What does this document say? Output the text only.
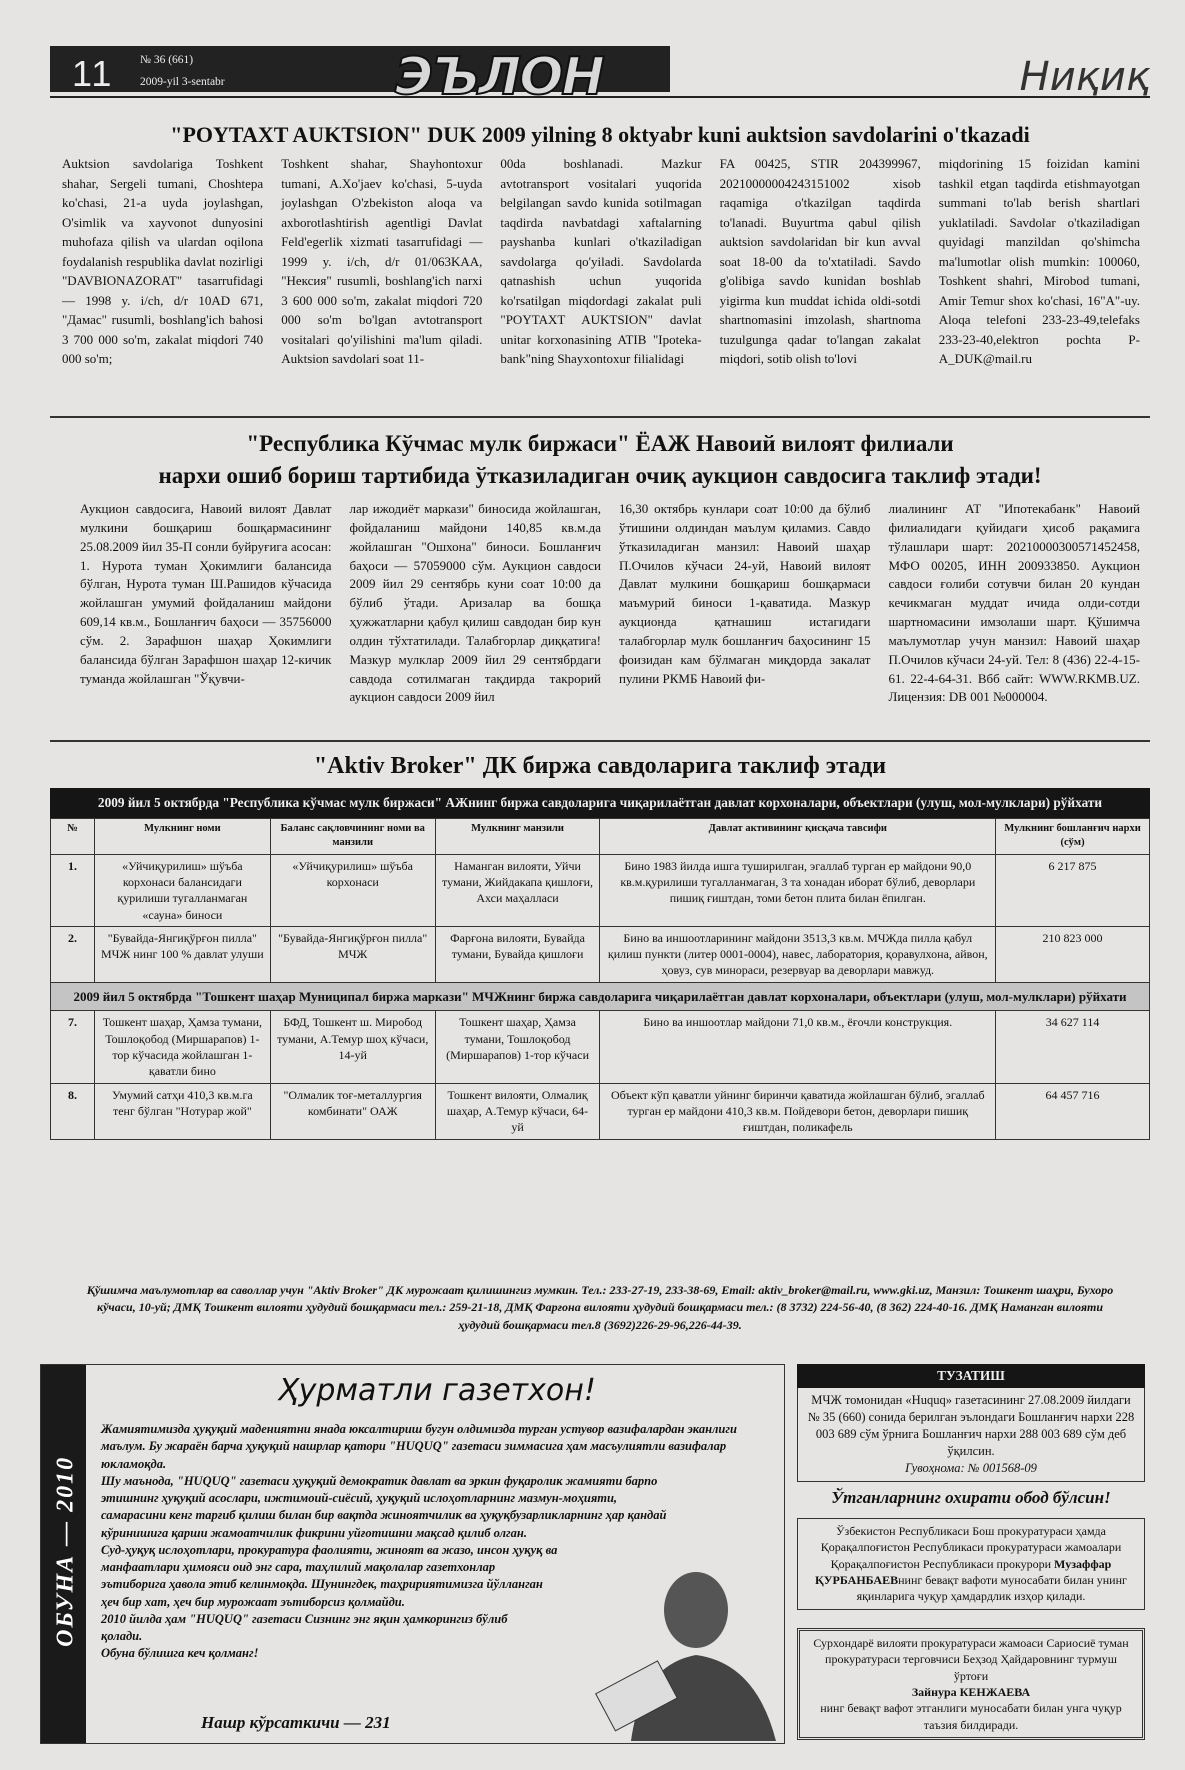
11 № 36 (661)
2009-yil 3-sentabr	ЭЪЛОН	Ниқиқ
"POYTAXT AUKTSION" DUK 2009 yilning 8 oktyabr kuni auktsion savdolarini o'tkazadi

Auktsion savdolariga Toshkent shahar, Sergeli tumani, Choshtepa ko'chasi, 21-a uyda joylashgan, O'simlik va xayvonot dunyosini muhofaza qilish va ulardan oqilona foydalanish respublika davlat nozirligi "DAVBIONAZORAT" tasarrufidagi — 1998 y. i/ch, d/r 10AD 671, "Дамас" rusumli, boshlang'ich bahosi 3 700 000 so'm, zakalat miqdori 740 000 so'm;

Toshkent shahar, Shayhontoxur tumani, A.Xo'jaev ko'chasi, 5-uyda joylashgan O'zbekiston aloqa va axborotlashtirish agentligi Davlat Feld'egerlik xizmati tasarrufidagi — 1999 y. i/ch, d/r 01/063KAA, "Нексия" rusumli, boshlang'ich narxi 3 600 000 so'm, zakalat miqdori 720 000 so'm bo'lgan avtotransport vositalari qo'yilishini ma'lum qiladi. Auktsion savdolari soat 11-

00da boshlanadi. Mazkur avtotransport vositalari yuqorida belgilangan savdo kunida sotilmagan taqdirda navbatdagi xaftalarning payshanba kunlari o'tkaziladigan savdolarga qo'yiladi. Savdolarda qatnashish uchun yuqorida ko'rsatilgan miqdordagi zakalat puli "POYTAXT AUKTSION" davlat unitar korxonasining ATIB "Ipoteka-bank"ning Shayxontoxur filialidagi

FA 00425, STIR 204399967, 20210000004243151002 xisob raqamiga o'tkazilgan taqdirda to'lanadi. Buyurtma qabul qilish auktsion savdolaridan bir kun avval soat 18-00 da to'xtatiladi. Savdo g'olibiga savdo kunidan boshlab yigirma kun muddat ichida oldi-sotdi shartnomasini imzolash, shartnoma tuzulgunga qadar to'langan zakalat miqdori, sotib olish to'lovi

miqdorining 15 foizidan kamini tashkil etgan taqdirda etishmayotgan summani to'lab berish shartlari yuklatiladi. Savdolar o'tkaziladigan quyidagi manzildan qo'shimcha ma'lumotlar olish mumkin: 100060, Toshkent shahri, Mirobod tumani, Amir Temur shox ko'chasi, 16"A"-uy. Aloqa telefoni 233-23-49,telefaks 233-23-40,elektron pochta P-A_DUK@mail.ru

"Республика Кўчмас мулк биржаси" ЁАЖ Навоий вилоят филиали
нархи ошиб бориш тартибида ўтказиладиган очиқ аукцион савдосига таклиф этади!

Аукцион савдосига, Навоий вилоят Давлат мулкини бошқариш бошқармасининг 25.08.2009 йил 35-П сонли буйруғига асосан: 1. Нурота туман Ҳокимлиги балансида бўлган, Нурота туман Ш.Рашидов кўчасида жойлашган умумий фойдаланиш майдони 609,14 кв.м., Бошланғич баҳоси — 35756000 сўм. 2. Зарафшон шаҳар Ҳокимлиги балансида бўлган Зарафшон шаҳар 12-кичик туманда жойлашган "Ўқувчи-

лар ижодиёт маркази" биносида жойлашган, фойдаланиш майдони 140,85 кв.м.да жойлашган "Ошхона" биноси. Бошланғич баҳоси — 57059000 сўм. Аукцион савдоси 2009 йил 29 сентябрь куни соат 10:00 да бўлиб ўтади. Аризалар ва бошқа ҳужжатларни қабул қилиш савдодан бир кун олдин тўхтатилади. Талабгорлар диққатига! Мазкур мулклар 2009 йил 29 сентябрдаги савдода сотилмаган тақдирда такрорий аукцион савдоси 2009 йил

16,30 октябрь кунлари соат 10:00 да бўлиб ўтишини олдиндан маълум қиламиз. Савдо ўтказиладиган манзил: Навоий шаҳар П.Очилов кўчаси 24-уй, Навоий вилоят Давлат мулкини бошқариш бошқармаси маъмурий биноси 1-қаватида. Мазкур аукционда қатнашиш истагидаги талабгорлар мулк бошланғич баҳосининг 15 фоизидан кам бўлмаган миқдорда закалат пулини РКМБ Навоий фи-

лиалининг АТ "Ипотекабанк" Навоий филиалидаги қуйидаги ҳисоб рақамига тўлашлари шарт: 20210000300571452458, МФО 00205, ИНН 200933850. Аукцион савдоси ғолиби сотувчи билан 20 кундан кечикмаган муддат ичида олди-сотди шартномасини имзолаши шарт. Қўшимча маълумотлар учун манзил: Навоий шаҳар П.Очилов кўчаси 24-уй. Тел: 8 (436) 22-4-15-61. 22-4-64-31. Вбб сайт: WWW.RKMB.UZ. Лицензия: DB 001 №000004.

"Aktiv Broker" ДК биржа савдоларига таклиф этади
2009 йил 5 октябрда "Республика кўчмас мулк биржаси" АЖнинг биржа савдоларига чиқарилаётган давлат корхоналари, объектлари (улуш, мол-мулклари) рўйхати
№	Мулкнинг номи	Баланс сақловчининг номи ва манзили	Мулкнинг манзили	Давлат активининг қисқача тавсифи	Мулкнинг бошланғич нархи (сўм)
1.	«Уйчиқурилиш» шўъба корхонаси балансидаги қурилиши тугалланмаган «сауна» биноси	«Уйчиқурилиш» шўъба корхонаси	Наманган вилояти, Уйчи тумани, Жийдакапа қишлоғи, Ахси маҳалласи	Бино 1983 йилда ишга туширилган, эгаллаб турган ер майдони 90,0 кв.м.қурилиши тугалланмаган, 3 та хонадан иборат бўлиб, деворлари пишиқ ғиштдан, томи бетон плита билан ёпилган.	6 217 875
2.	"Бувайда-Янгиқўрғон пилла" МЧЖ нинг 100 % давлат улуши	"Бувайда-Янгиқўрғон пилла" МЧЖ	Фарғона вилояти, Бувайда тумани, Бувайда қишлоғи	Бино ва иншоотларининг майдони 3513,3 кв.м. МЧЖда пилла қабул қилиш пункти (литер 0001-0004), навес, лаборатория, қоравулхона, айвон, ҳовуз, сув минораси, резервуар ва деворлари мавжуд.	210 823 000
2009 йил 5 октябрда "Тошкент шаҳар Муниципал биржа маркази" МЧЖнинг биржа савдоларига чиқарилаётган давлат корхоналари, объектлари (улуш, мол-мулклари) рўйхати					
7.	Тошкент шаҳар, Ҳамза тумани, Тошлоқобод (Миршарапов) 1-тор кўчасида жойлашган 1-қаватли бино	БФД, Тошкент ш. Миробод тумани, А.Темур шоҳ кўчаси, 14-уй	Тошкент шаҳар, Ҳамза тумани, Тошлоқобод (Миршарапов) 1-тор кўчаси	Бино ва иншоотлар майдони 71,0 кв.м., ёғочли конструкция.	34 627 114
8.	Умумий сатҳи 410,3 кв.м.га тенг бўлган "Нотурар жой"	"Олмалик тоғ-металлургия комбинати" ОАЖ	Тошкент вилояти, Олмалиқ шаҳар, А.Темур кўчаси, 64-уй	Объект кўп қаватли уйнинг биринчи қаватида жойлашган бўлиб, эгаллаб турган ер майдони 410,3 кв.м. Пойдевори бетон, деворлари пишиқ ғиштдан, поликафель	64 457 716
Қўшимча маълумотлар ва саволлар учун "Aktiv Broker" ДК мурожаат қилишингиз мумкин. Тел.: 233-27-19, 233-38-69, Email: aktiv_broker@mail.ru, www.gki.uz, Манзил: Тошкент шаҳри, Бухоро кўчаси, 10-уй; ДМҚ Тошкент вилояти ҳудудий бошқармаси тел.: 259-21-18, ДМҚ Фарғона вилояти ҳудудий бошқармаси тел.: (8 3732) 224-56-40, (8 362) 224-40-16. ДМҚ Наманган вилояти ҳудудий бошқармаси тел.8 (3692)226-29-96,226-44-39.
ОБУНА — 2010
Ҳурматли газетхон!

Жамиятимизда ҳуқуқий мадениятни янада юксалтириш бугун олдимизда турган устувор вазифалардан эканлиги маълум. Бу жараён барча ҳуқуқий нашрлар қатори "HUQUQ" газетаси зиммасига ҳам масъулиятли вазифалар юкламоқда.

Шу маънода, "HUQUQ" газетаси ҳуқуқий демократик давлат ва эркин фуқаролик жамияти барпо этишнинг ҳуқуқий асослари, ижтимоий-сиёсий, ҳуқуқий ислоҳотларнинг мазмун-моҳияти, самарасини кенг тарғиб қилиш билан бир вақтда жиноятчилик ва ҳуқуқбузарликларнинг ҳар қандай кўринишига қарши жамоатчилик фикрини уйғотишни мақсад қилиб олган.

Суд-ҳуқуқ ислоҳотлари, прокуратура фаолияти, жиноят ва жазо, инсон ҳуқуқ ва манфаатлари ҳимояси оид энг сара, таҳлилий мақолалар газетхонлар эътиборига ҳавола этиб келинмоқда. Шунингдек, таҳририятимизга йўлланган ҳеч бир хат, ҳеч бир мурожаат эътиборсиз қолмайди.

2010 йилда ҳам "HUQUQ" газетаси Сизнинг энг яқин ҳамкорингиз бўлиб қолади.

Обуна бўлишга кеч қолманг!

Нашр кўрсаткичи — 231
ТУЗАТИШ
МЧЖ томонидан «Huquq» газетасининг 27.08.2009 йилдаги № 35 (660) сонида берилган эълондаги Бошланғич нархи 228 003 689 сўм ўрнига Бошланғич нархи 288 003 689 сўм деб ўқилсин.
Гувоҳнома: № 001568-09
Ўтганларнинг охирати обод бўлсин!
Ўзбекистон Республикаси Бош прокуратураси ҳамда Қорақалпоғистон Республикаси прокуратураси жамоалари Қорақалпоғистон Республикаси прокурори Музаффар ҚУРБАНБАЕВнинг бевақт вафоти муносабати билан унинг яқинларига чуқур ҳамдардлик изҳор қилади.
Сурхондарё вилояти прокуратураси жамоаси Сариосиё туман прокуратураси терговчиси Беҳзод Ҳайдаровнинг турмуш ўртоғи
Зайнура КЕНЖАЕВА
нинг бевақт вафот этганлиги муносабати билан унга чуқур таъзия билдиради.
